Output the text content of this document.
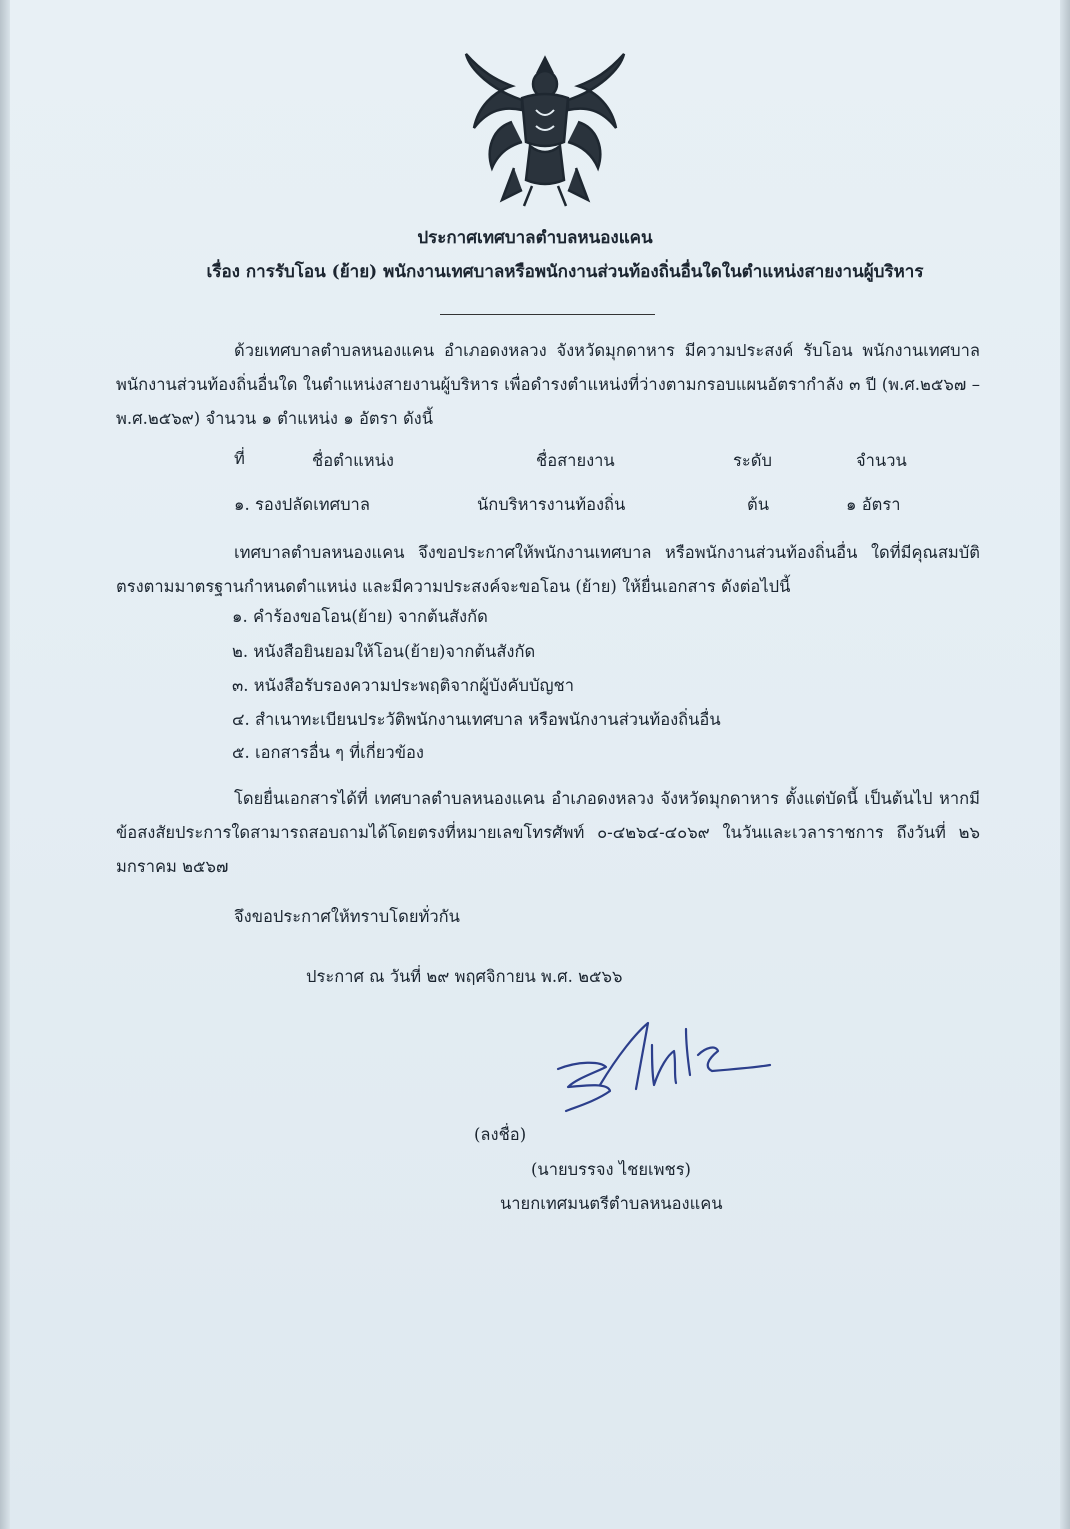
ประกาศเทศบาลตำบลหนองแคน
เรื่อง การรับโอน (ย้าย) พนักงานเทศบาลหรือพนักงานส่วนท้องถิ่นอื่นใดในตำแหน่งสายงานผู้บริหาร
ด้วยเทศบาลตำบลหนองแคน อำเภอดงหลวง จังหวัดมุกดาหาร มีความประสงค์ รับโอน พนักงานเทศบาล พนักงานส่วนท้องถิ่นอื่นใด ในตำแหน่งสายงานผู้บริหาร เพื่อดำรงตำแหน่งที่ว่างตามกรอบแผนอัตรากำลัง ๓ ปี (พ.ศ.๒๕๖๗ – พ.ศ.๒๕๖๙) จำนวน ๑ ตำแหน่ง ๑ อัตรา ดังนี้
ที่	ชื่อตำแหน่ง	ชื่อสายงาน	ระดับ	จำนวน
๑. รองปลัดเทศบาล	นักบริหารงานท้องถิ่น	ต้น	๑ อัตรา
เทศบาลตำบลหนองแคน จึงขอประกาศให้พนักงานเทศบาล หรือพนักงานส่วนท้องถิ่นอื่น ใดที่มีคุณสมบัติตรงตามมาตรฐานกำหนดตำแหน่ง และมีความประสงค์จะขอโอน (ย้าย) ให้ยื่นเอกสาร ดังต่อไปนี้
๑. คำร้องขอโอน(ย้าย) จากต้นสังกัด
๒. หนังสือยินยอมให้โอน(ย้าย)จากต้นสังกัด
๓. หนังสือรับรองความประพฤติจากผู้บังคับบัญชา
๔. สำเนาทะเบียนประวัติพนักงานเทศบาล หรือพนักงานส่วนท้องถิ่นอื่น
๕. เอกสารอื่น ๆ ที่เกี่ยวข้อง
โดยยื่นเอกสารได้ที่ เทศบาลตำบลหนองแคน อำเภอดงหลวง จังหวัดมุกดาหาร ตั้งแต่บัดนี้ เป็นต้นไป หากมีข้อสงสัยประการใดสามารถสอบถามได้โดยตรงที่หมายเลขโทรศัพท์ ๐-๔๒๖๔-๔๐๖๙ ในวันและเวลาราชการ ถึงวันที่ ๒๖ มกราคม ๒๕๖๗
จึงขอประกาศให้ทราบโดยทั่วกัน
ประกาศ ณ วันที่ ๒๙ พฤศจิกายน พ.ศ. ๒๕๖๖
(ลงชื่อ)
(นายบรรจง ไชยเพชร)
นายกเทศมนตรีตำบลหนองแคน
